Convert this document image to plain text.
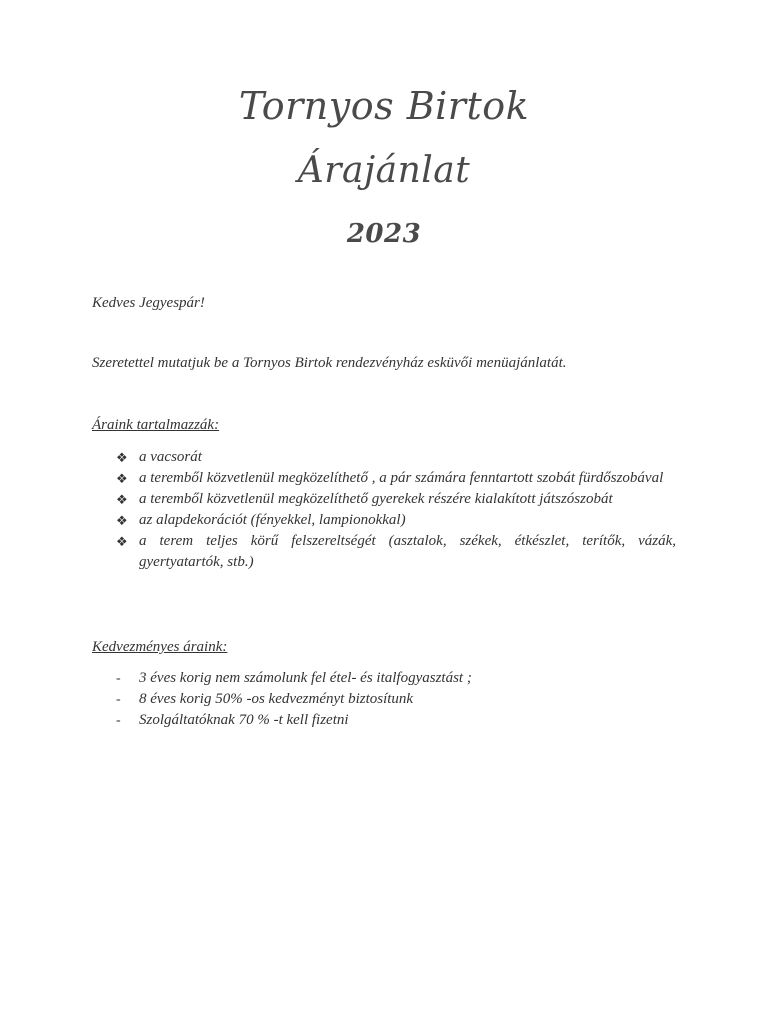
Tornyos Birtok
Árajánlat
2023
Kedves Jegyespár!
Szeretettel mutatjuk be a Tornyos Birtok rendezvényház esküvői menüajánlatát.
Áraink tartalmazzák:
❖ a vacsorát
❖ a teremből közvetlenül megközelíthető , a pár számára fenntartott szobát fürdőszobával
❖ a teremből közvetlenül megközelíthető gyerekek részére kialakított játszószobát
❖ az alapdekorációt (fényekkel, lampionokkal)
❖ a terem teljes körű felszereltségét (asztalok, székek, étkészlet, terítők, vázák, gyertyatartók, stb.)
Kedvezményes áraink:
- 3 éves korig nem számolunk fel étel- és italfogyasztást ;
- 8 éves korig 50% -os kedvezményt biztosítunk
- Szolgáltatóknak 70 % -t kell fizetni
